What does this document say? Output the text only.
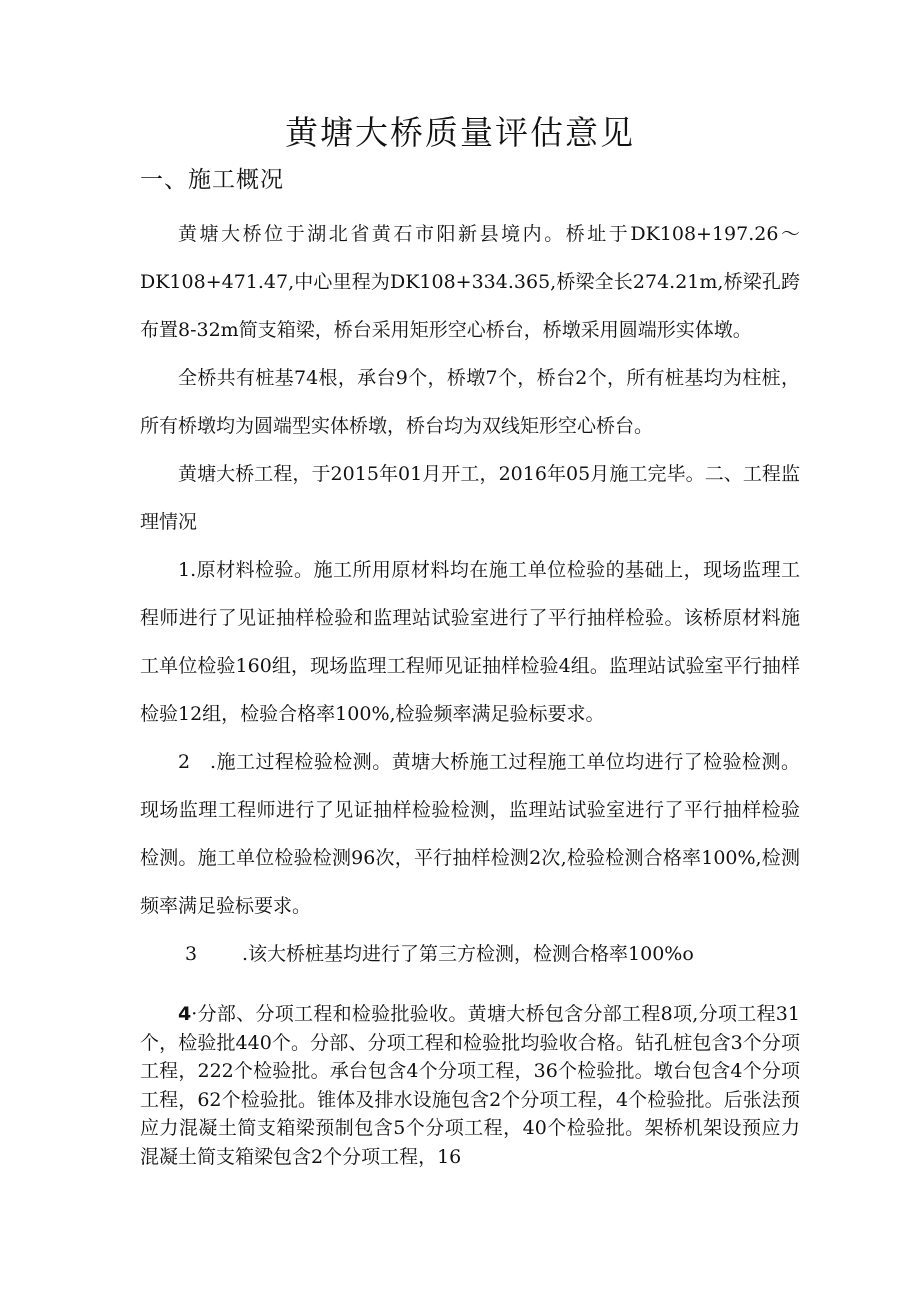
黄塘大桥质量评估意见
一、施工概况

黄塘大桥位于湖北省黄石市阳新县境内。桥址于DK108+197.26～DK108+471.47,中心里程为DK108+334.365,桥梁全长274.21m,桥梁孔跨布置8-32m简支箱梁，桥台采用矩形空心桥台，桥墩采用圆端形实体墩。

全桥共有桩基74根，承台9个，桥墩7个，桥台2个，所有桩基均为柱桩，所有桥墩均为圆端型实体桥墩，桥台均为双线矩形空心桥台。

黄塘大桥工程，于2015年01月开工，2016年05月施工完毕。二、工程监理情况

1.原材料检验。施工所用原材料均在施工单位检验的基础上，现场监理工程师进行了见证抽样检验和监理站试验室进行了平行抽样检验。该桥原材料施工单位检验160组，现场监理工程师见证抽样检验4组。监理站试验室平行抽样检验12组，检验合格率100%,检验频率满足验标要求。

2　.施工过程检验检测。黄塘大桥施工过程施工单位均进行了检验检测。现场监理工程师进行了见证抽样检验检测，监理站试验室进行了平行抽样检验检测。施工单位检验检测96次，平行抽样检测2次,检验检测合格率100%,检测频率满足验标要求。

3 .该大桥桩基均进行了第三方检测，检测合格率100%o

4·分部、分项工程和检验批验收。黄塘大桥包含分部工程8项,分项工程31个，检验批440个。分部、分项工程和检验批均验收合格。钻孔桩包含3个分项工程，222个检验批。承台包含4个分项工程，36个检验批。墩台包含4个分项工程，62个检验批。锥体及排水设施包含2个分项工程，4个检验批。后张法预应力混凝土简支箱梁预制包含5个分项工程，40个检验批。架桥机架设预应力混凝土简支箱梁包含2个分项工程，16
